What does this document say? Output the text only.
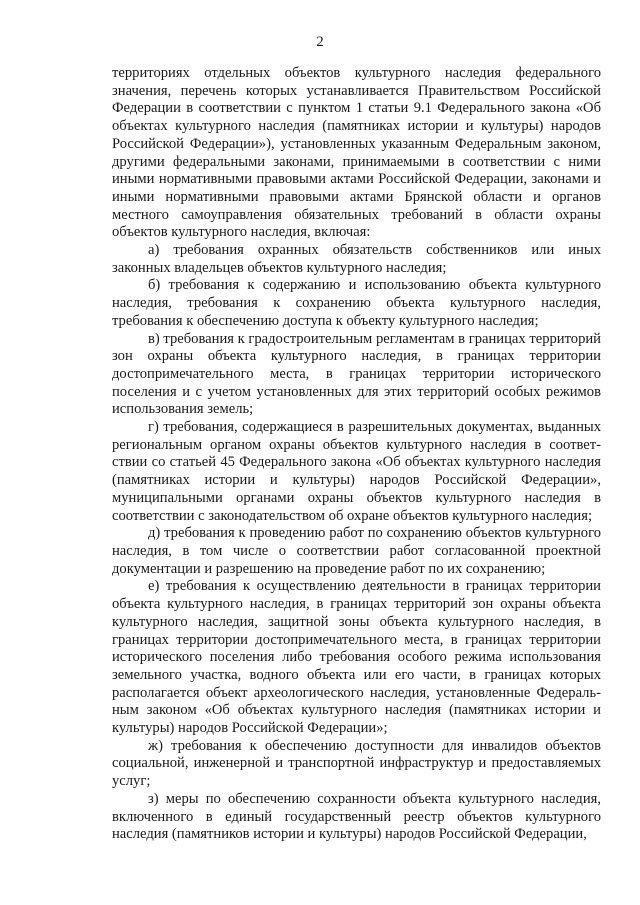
2

территориях отдельных объектов культурного наследия федерального значения, перечень которых устанавливается Правительством Российской Федерации в соответствии с пунктом 1 статьи 9.1 Федерального закона «Об объектах культурного наследия (памятниках истории и культуры) народов Российской Федерации»), установленных указанным Федеральным законом, другими федеральными законами, принимаемыми в соответствии с ними иными нормативными правовыми актами Российской Федерации, законами и иными нормативными правовыми актами Брянской области и органов местного самоуправления обязательных требований в области охраны объектов культурного наследия, включая:

а) требования охранных обязательств собственников или иных законных владельцев объектов культурного наследия;

б) требования к содержанию и использованию объекта культурного наследия, требования к сохранению объекта культурного наследия, требования к обеспечению доступа к объекту культурного наследия;

в) требования к градостроительным регламентам в границах территорий зон охраны объекта культурного наследия, в границах территории достопримечательного места, в границах территории исторического поселения и с учетом установленных для этих территорий особых режимов использования земель;

г) требования, содержащиеся в разрешительных документах, выданных региональным органом охраны объектов культурного наследия в соответствии со статьей 45 Федерального закона «Об объектах культурного наследия (памятниках истории и культуры) народов Российской Федерации», муниципальными органами охраны объектов культурного наследия в соответствии с законодательством об охране объектов культурного наследия;

д) требования к проведению работ по сохранению объектов культурного наследия, в том числе о соответствии работ согласованной проектной документации и разрешению на проведение работ по их сохранению;

е) требования к осуществлению деятельности в границах территории объекта культурного наследия, в границах территорий зон охраны объекта культурного наследия, защитной зоны объекта культурного наследия, в границах территории достопримечательного места, в границах территории исторического поселения либо требования особого режима использования земельного участка, водного объекта или его части, в границах которых располагается объект археологического наследия, установленные Федеральным законом «Об объектах культурного наследия (памятниках истории и культуры) народов Российской Федерации»;

ж) требования к обеспечению доступности для инвалидов объектов социальной, инженерной и транспортной инфраструктур и предоставляемых услуг;

з) меры по обеспечению сохранности объекта культурного наследия, включенного в единый государственный реестр объектов культурного наследия (памятников истории и культуры) народов Российской Федерации,
